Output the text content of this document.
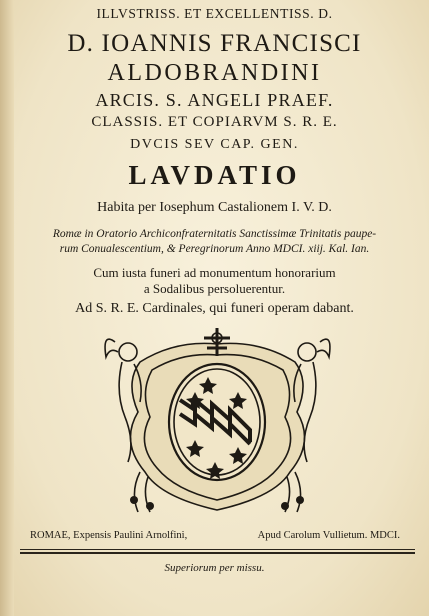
ILLVSTRISS. ET EXCELLENTISS. D.
D. IOANNIS FRANCISCI
ALDOBRANDINI
ARCIS. S. ANGELI PRAEF.
CLASSIS. ET COPIARVM S. R. E.
DVCIS SEV CAP. GEN.
LAVDATIO
Habita per Iosephum Castalionem I. V. D.
Romæ in Oratorio Archiconfraternitatis Sanctissimæ Trinitatis paupe-
rum Conualescentium, & Peregrinorum Anno MDCI. xiij. Kal. Ian.
Cum iusta funeri ad monumentum honorarium
a Sodalibus persoluerentur.
Ad S. R. E. Cardinales, qui funeri operam dabant.
ROMAE, Expensis Paulini Arnolfini,	Apud Carolum Vullietum. MDCI.
Superiorum per missu.
